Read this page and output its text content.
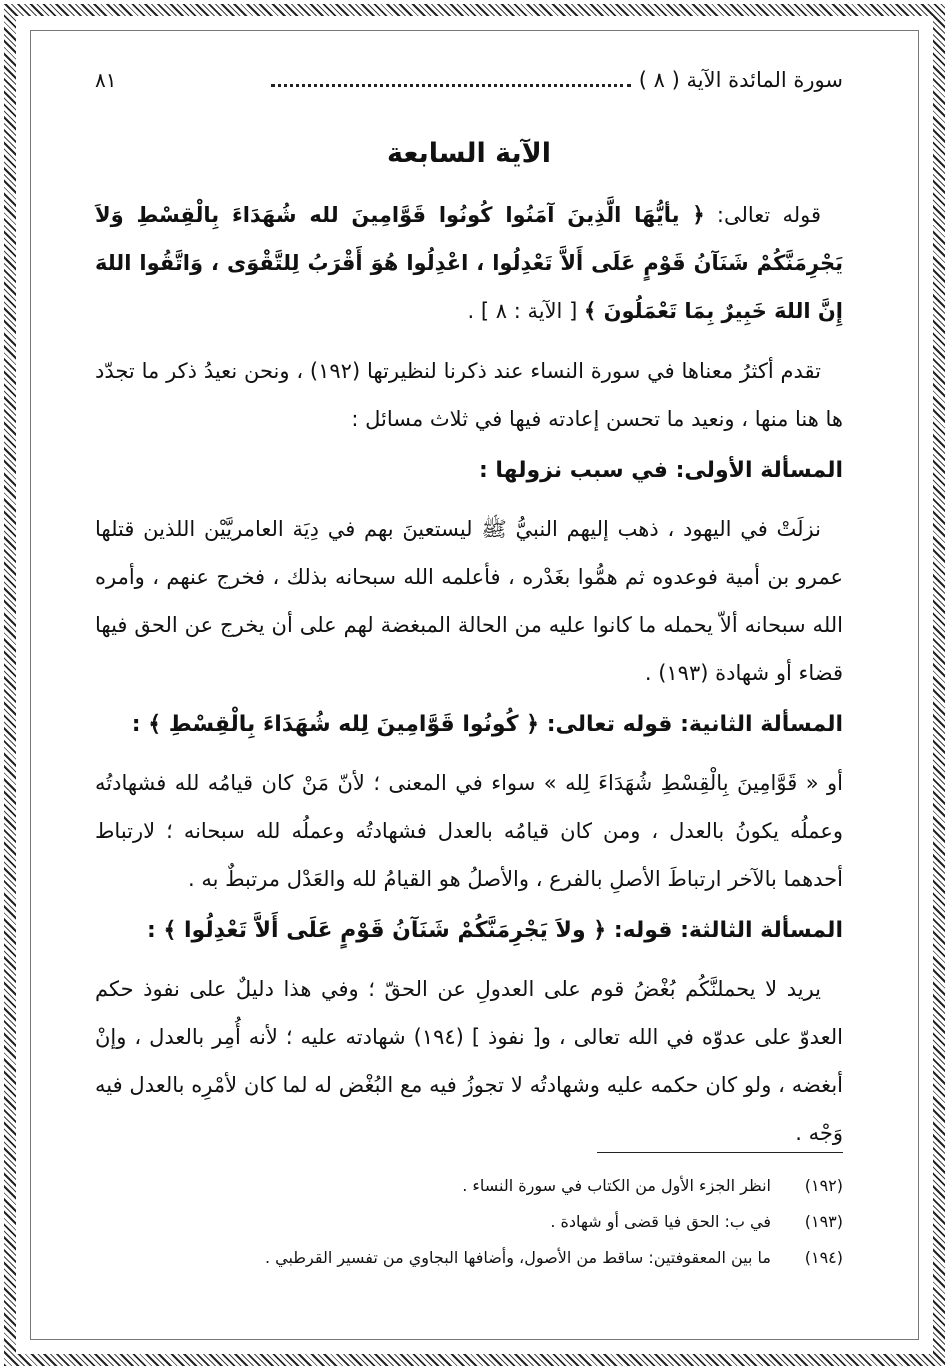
سورة المائدة الآية ( ٨ )
٨١
الآية السابعة

قوله تعالى: ﴿ يأيُّهَا الَّذِينَ آمَنُوا كُونُوا قَوَّامِينَ لله شُهَدَاءَ بِالْقِسْطِ وَلاَ يَجْرِمَنَّكُمْ شَنَآنُ قَوْمٍ عَلَى أَلاَّ تَعْدِلُوا ، اعْدِلُوا هُوَ أَقْرَبُ لِلتَّقْوَى ، وَاتَّقُوا اللهَ إِنَّ اللهَ خَبِيرٌ بِمَا تَعْمَلُونَ ﴾ [ الآية : ٨ ] .

تقدم أكثرُ معناها في سورة النساء عند ذكرنا لنظيرتها (١٩٢) ، ونحن نعيدُ ذكر ما تجدّد ها هنا منها ، ونعيد ما تحسن إعادته فيها في ثلاث مسائل :

المسألة الأولى: في سبب نزولها :

نزلَتْ في اليهود ، ذهب إليهم النبيُّ ﷺ ليستعينَ بهم في دِيَة العامريَّيْن اللذين قتلها عمرو بن أمية فوعدوه ثم همُّوا بغَدْره ، فأعلمه الله سبحانه بذلك ، فخرج عنهم ، وأمره الله سبحانه ألاّ يحمله ما كانوا عليه من الحالة المبغضة لهم على أن يخرج عن الحق فيها قضاء أو شهادة (١٩٣) .

المسألة الثانية: قوله تعالى: ﴿ كُونُوا قَوَّامِينَ لِله شُهَدَاءَ بِالْقِسْطِ ﴾ :

أو « قَوَّامِينَ بِالْقِسْطِ شُهَدَاءَ لِله » سواء في المعنى ؛ لأنّ مَنْ كان قيامُه لله فشهادتُه وعملُه يكونُ بالعدل ، ومن كان قيامُه بالعدل فشهادتُه وعملُه لله سبحانه ؛ لارتباط أحدهما بالآخر ارتباطَ الأصلِ بالفرع ، والأصلُ هو القيامُ لله والعَدْل مرتبطٌ به .

المسألة الثالثة: قوله: ﴿ ولاَ يَجْرِمَنَّكُمْ شَنَآنُ قَوْمٍ عَلَى أَلاَّ تَعْدِلُوا ﴾ :

يريد لا يحملنَّكُم بُغْضُ قوم على العدولِ عن الحقّ ؛ وفي هذا دليلٌ على نفوذ حكم العدوّ على عدوّه في الله تعالى ، و[ نفوذ ] (١٩٤) شهادته عليه ؛ لأنه أُمِر بالعدل ، وإنْ أبغضه ، ولو كان حكمه عليه وشهادتُه لا تجوزُ فيه مع البُغْض له لما كان لأمْرِه بالعدل فيه وَجْه .

(١٩٢)
انظر الجزء الأول من الكتاب في سورة النساء .
(١٩٣)
في ب: الحق فيا قضى أو شهادة .
(١٩٤)
ما بين المعقوفتين: ساقط من الأصول، وأضافها البجاوي من تفسير القرطبي .
